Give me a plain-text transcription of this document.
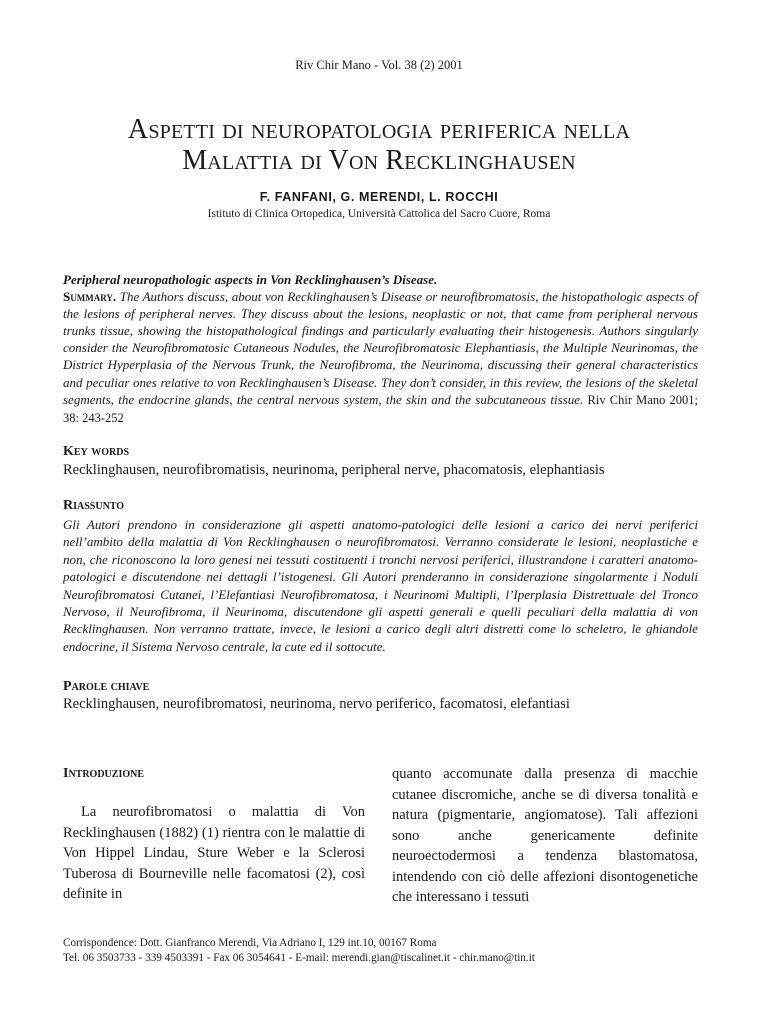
Riv Chir Mano - Vol. 38 (2) 2001
Aspetti di neuropatologia periferica nella
Malattia di Von Recklinghausen
F. FANFANI, G. MERENDI, L. ROCCHI
Istituto di Clinica Ortopedica, Università Cattolica del Sacro Cuore, Roma
Peripheral neuropathologic aspects in Von Recklinghausen’s Disease.

Summary. The Authors discuss, about von Recklinghausen’s Disease or neurofibromatosis, the histopathologic aspects of the lesions of peripheral nerves. They discuss about the lesions, neoplastic or not, that came from peripheral nervous trunks tissue, showing the histopathological findings and particularly evaluating their histogenesis. Authors singularly consider the Neurofibromatosic Cutaneous Nodules, the Neurofibromatosic Elephantiasis, the Multiple Neurinomas, the District Hyperplasia of the Nervous Trunk, the Neurofibroma, the Neurinoma, discussing their general characteristics and peculiar ones relative to von Recklinghausen’s Disease. They don’t consider, in this review, the lesions of the skeletal segments, the endocrine glands, the central nervous system, the skin and the subcutaneous tissue. Riv Chir Mano 2001; 38: 243-252

Key words
Recklinghausen, neurofibromatisis, neurinoma, peripheral nerve, phacomatosis, elephantiasis
Riassunto
Gli Autori prendono in considerazione gli aspetti anatomo-patologici delle lesioni a carico dei nervi periferici nell’ambito della malattia di Von Recklinghausen o neurofibromatosi. Verranno considerate le lesioni, neoplastiche e non, che riconoscono la loro genesi nei tessuti costituenti i tronchi nervosi periferici, illustrandone i caratteri anatomo-patologici e discutendone nei dettagli l’istogenesi. Gli Autori prenderanno in considerazione singolarmente i Noduli Neurofibromatosi Cutanei, l’Elefantiasi Neurofibromatosa, i Neurinomi Multipli, l’Iperplasia Distrettuale del Tronco Nervoso, il Neurofibroma, il Neurinoma, discutendone gli aspetti generali e quelli peculiari della malattia di von Recklinghausen. Non verranno trattate, invece, le lesioni a carico degli altri distretti come lo scheletro, le ghiandole endocrine, il Sistema Nervoso centrale, la cute ed il sottocute.
Parole chiave
Recklinghausen, neurofibromatosi, neurinoma, nervo periferico, facomatosi, elefantiasi
Introduzione
La neurofibromatosi o malattia di Von Recklinghausen (1882) (1) rientra con le malattie di Von Hippel Lindau, Sture Weber e la Sclerosi Tuberosa di Bourneville nelle facomatosi (2), così definite in
quanto accomunate dalla presenza di macchie cutanee discromiche, anche se di diversa tonalità e natura (pigmentarie, angiomatose). Tali affezioni sono anche genericamente definite neuroectodermosi a tendenza blastomatosa, intendendo con ciò delle affezioni disontogenetiche che interessano i tessuti
Corrispondence: Dott. Gianfranco Merendi, Via Adriano I, 129 int.10, 00167 Roma
Tel. 06 3503733 - 339 4503391 - Fax 06 3054641 - E-mail: merendi.gian@tiscalinet.it - chir.mano@tin.it
